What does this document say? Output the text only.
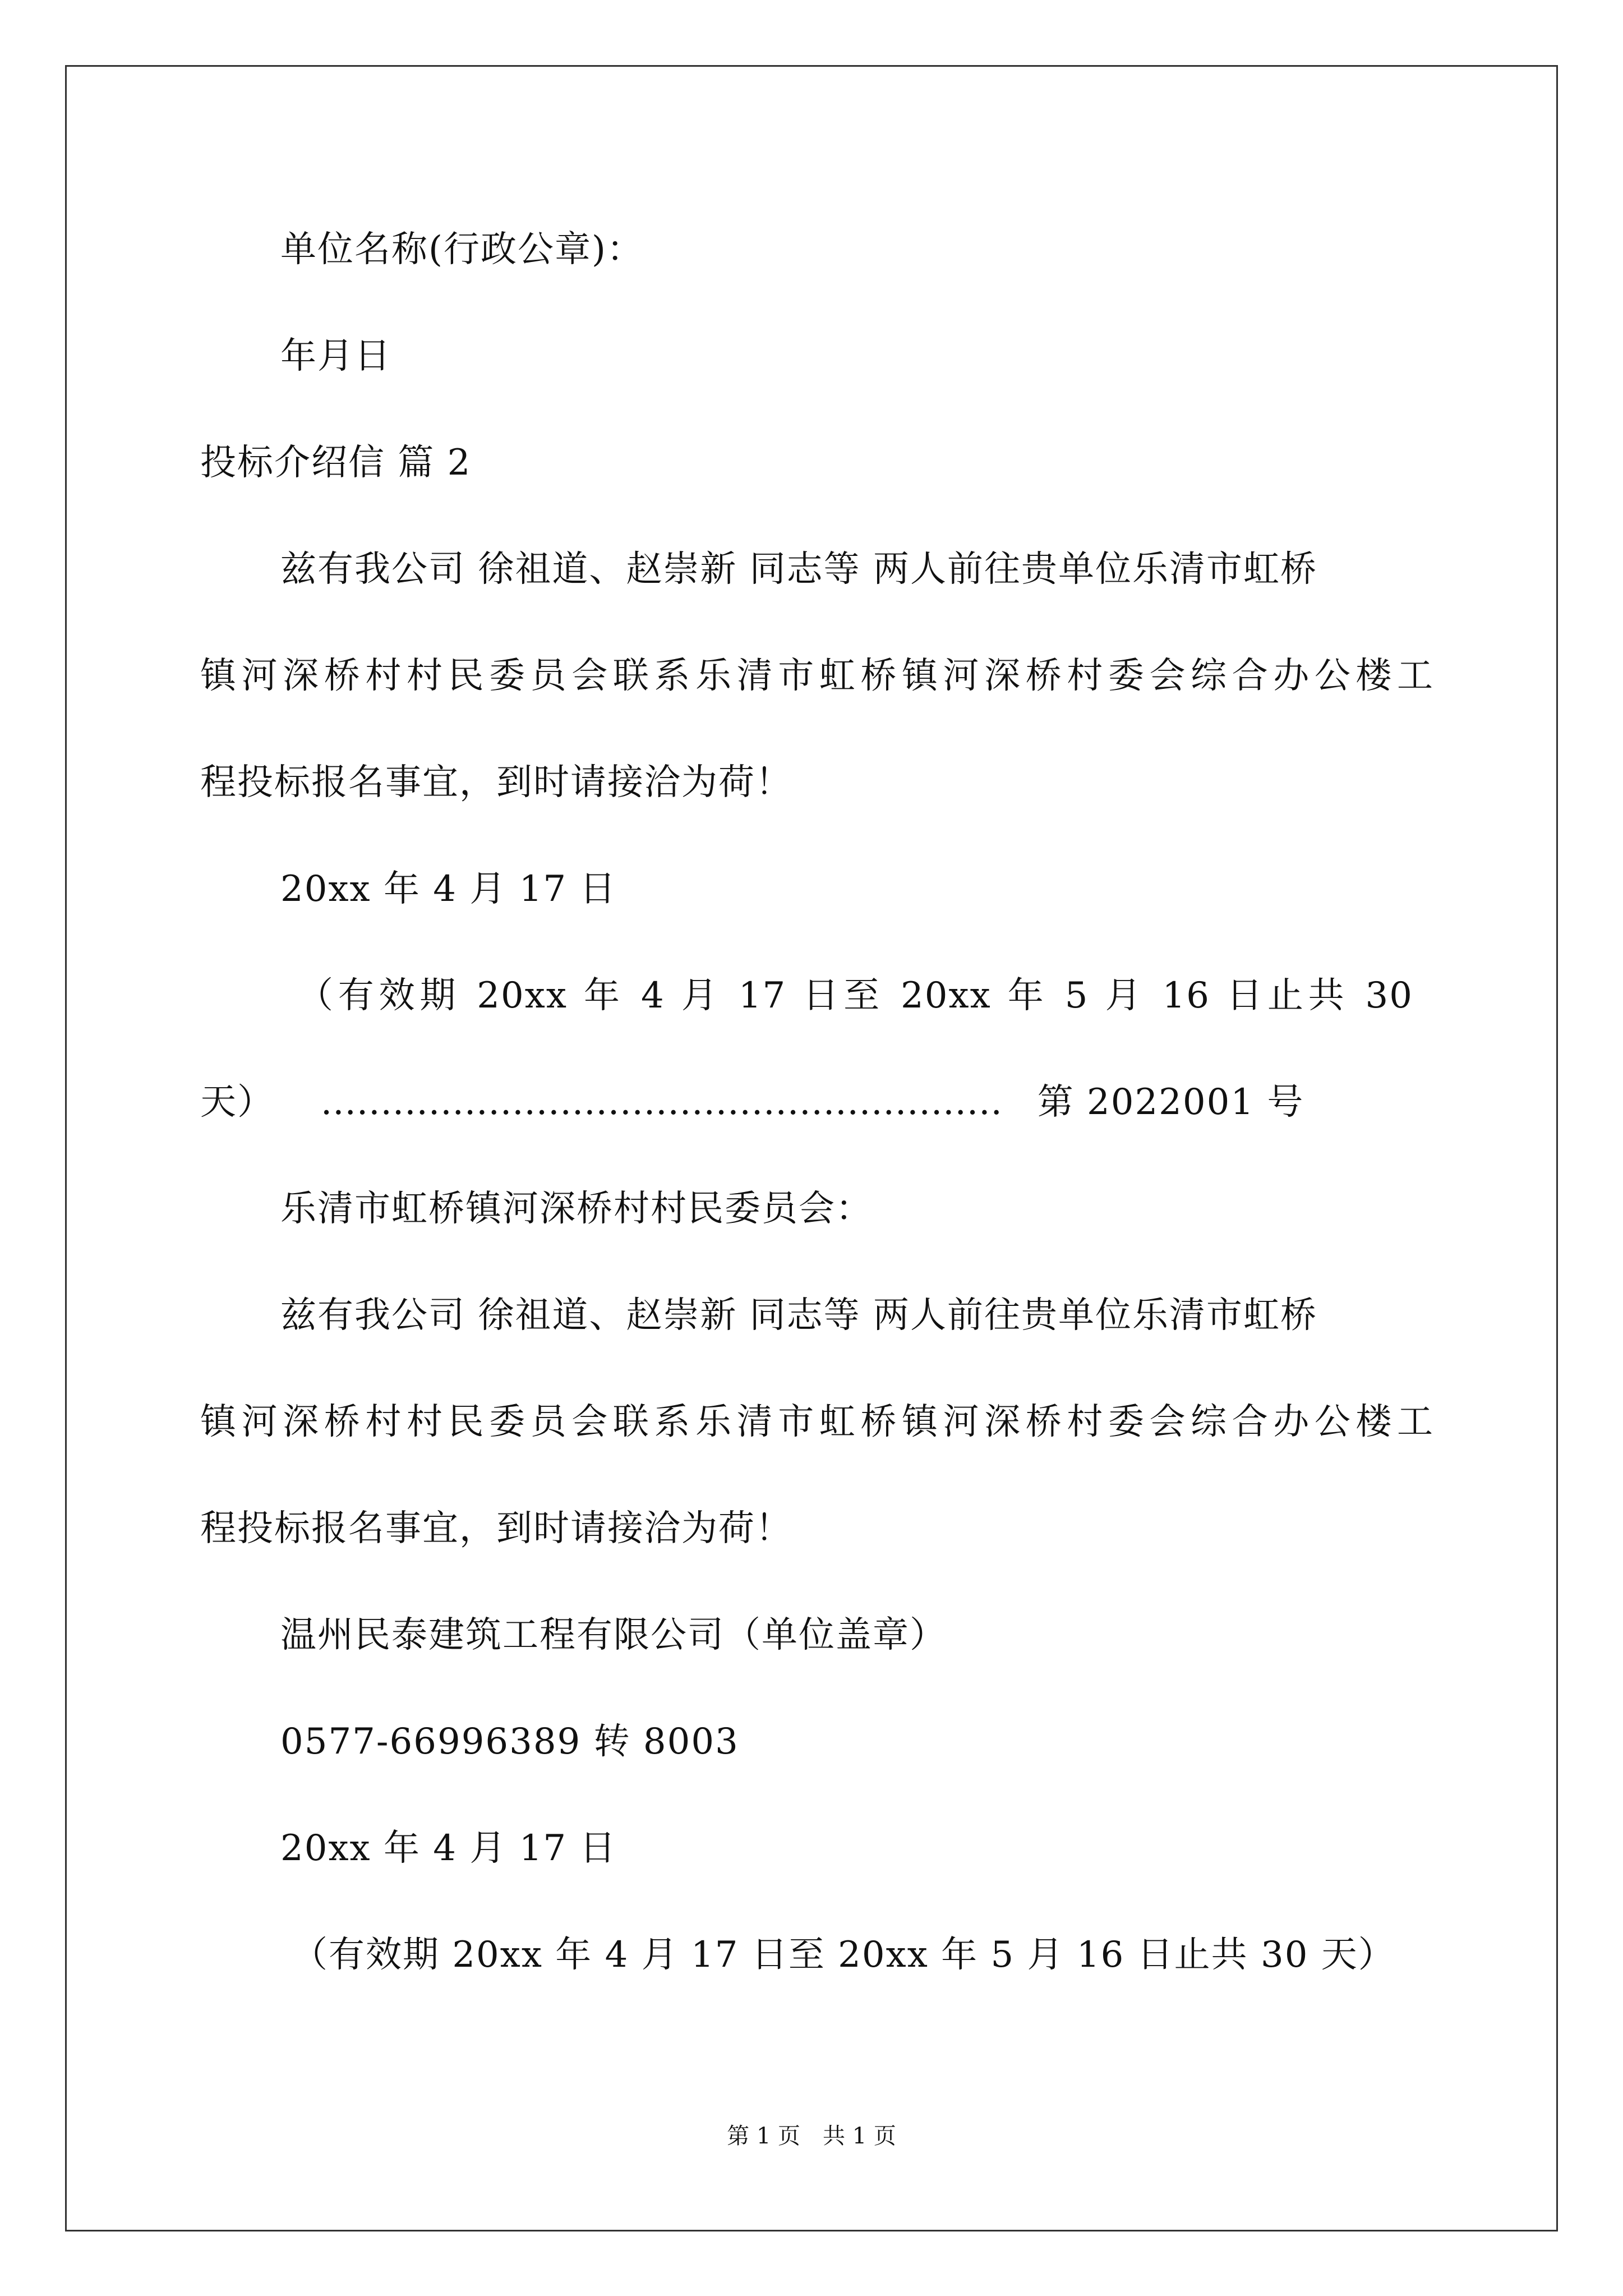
单位名称(行政公章)：
年月日
投标介绍信 篇 2
兹有我公司 徐祖道、赵崇新 同志等 两人前往贵单位乐清市虹桥
镇河深桥村村民委员会联系乐清市虹桥镇河深桥村委会综合办公楼工
程投标报名事宜，到时请接洽为荷！
20xx 年 4 月 17 日
（有效期 20xx 年 4 月 17 日至 20xx 年 5 月 16 日止共 30
天） ………………………………………………… 第 2022001 号
乐清市虹桥镇河深桥村村民委员会：
兹有我公司 徐祖道、赵崇新 同志等 两人前往贵单位乐清市虹桥
镇河深桥村村民委员会联系乐清市虹桥镇河深桥村委会综合办公楼工
程投标报名事宜，到时请接洽为荷！
温州民泰建筑工程有限公司（单位盖章）
0577-66996389 转 8003
20xx 年 4 月 17 日
（有效期 20xx 年 4 月 17 日至 20xx 年 5 月 16 日止共 30 天）
第 1 页　共 1 页
